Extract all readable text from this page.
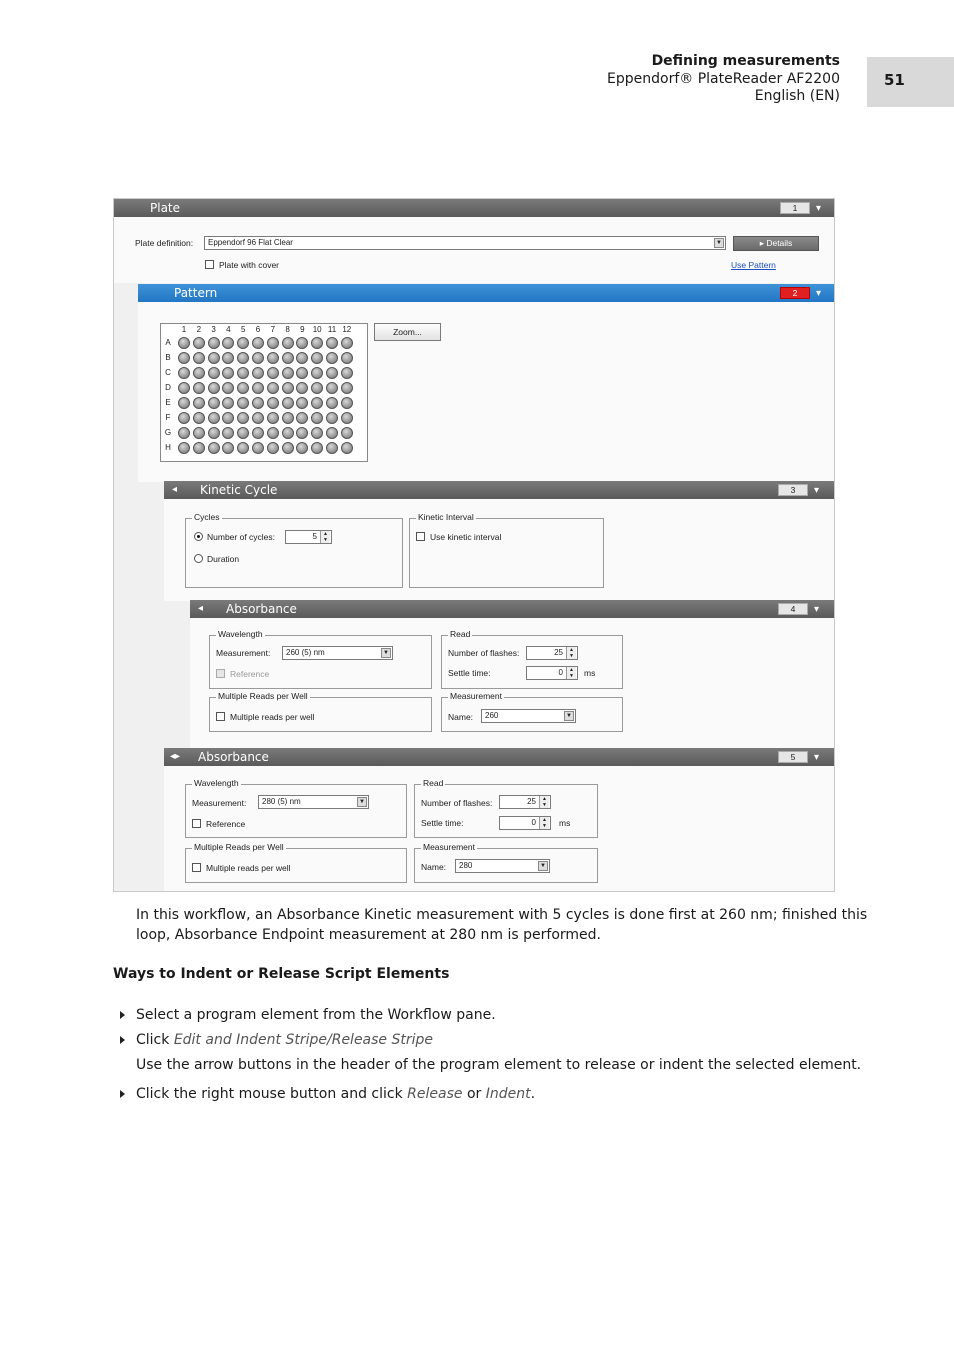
Defining measurements
Eppendorf® PlateReader AF2200
English (EN)
51
Plate	1	▾
Plate definition:	Eppendorf 96 Flat Clear	▼	▸ Details
Plate with cover	Use Pattern
Pattern	2	▾
1	2	3	4	5	6	7	8	9	10 11 12
A
B
C
D
E
F
G
H
Zoom...
◂ Kinetic Cycle	3	▾
Cycles
Number of cycles:	5	▲
▼
Duration
Kinetic Interval
Use kinetic interval
◂ Absorbance	4	▾
Wavelength
Measurement:	260 (5) nm	▼
Reference
Read
Number of flashes:	25	▲
▼
Settle time:	0	▲
▼ ms
Multiple Reads per Well
Multiple reads per well
Measurement
Name:	260	▼
◂▸ Absorbance	5	▾
Wavelength
Measurement:	280 (5) nm	▼
Reference
Read
Number of flashes:	25	▲
▼
Settle time:	0	▲
▼ ms
Multiple Reads per Well
Multiple reads per well
Measurement
Name:	280	▼
In this workflow, an Absorbance Kinetic measurement with 5 cycles is done first at 260 nm; finished this
loop, Absorbance Endpoint measurement at 280 nm is performed.
Ways to Indent or Release Script Elements
Select a program element from the Workflow pane.
Click Edit and Indent Stripe/Release Stripe
Use the arrow buttons in the header of the program element to release or indent the selected element.
Click the right mouse button and click Release or Indent.
